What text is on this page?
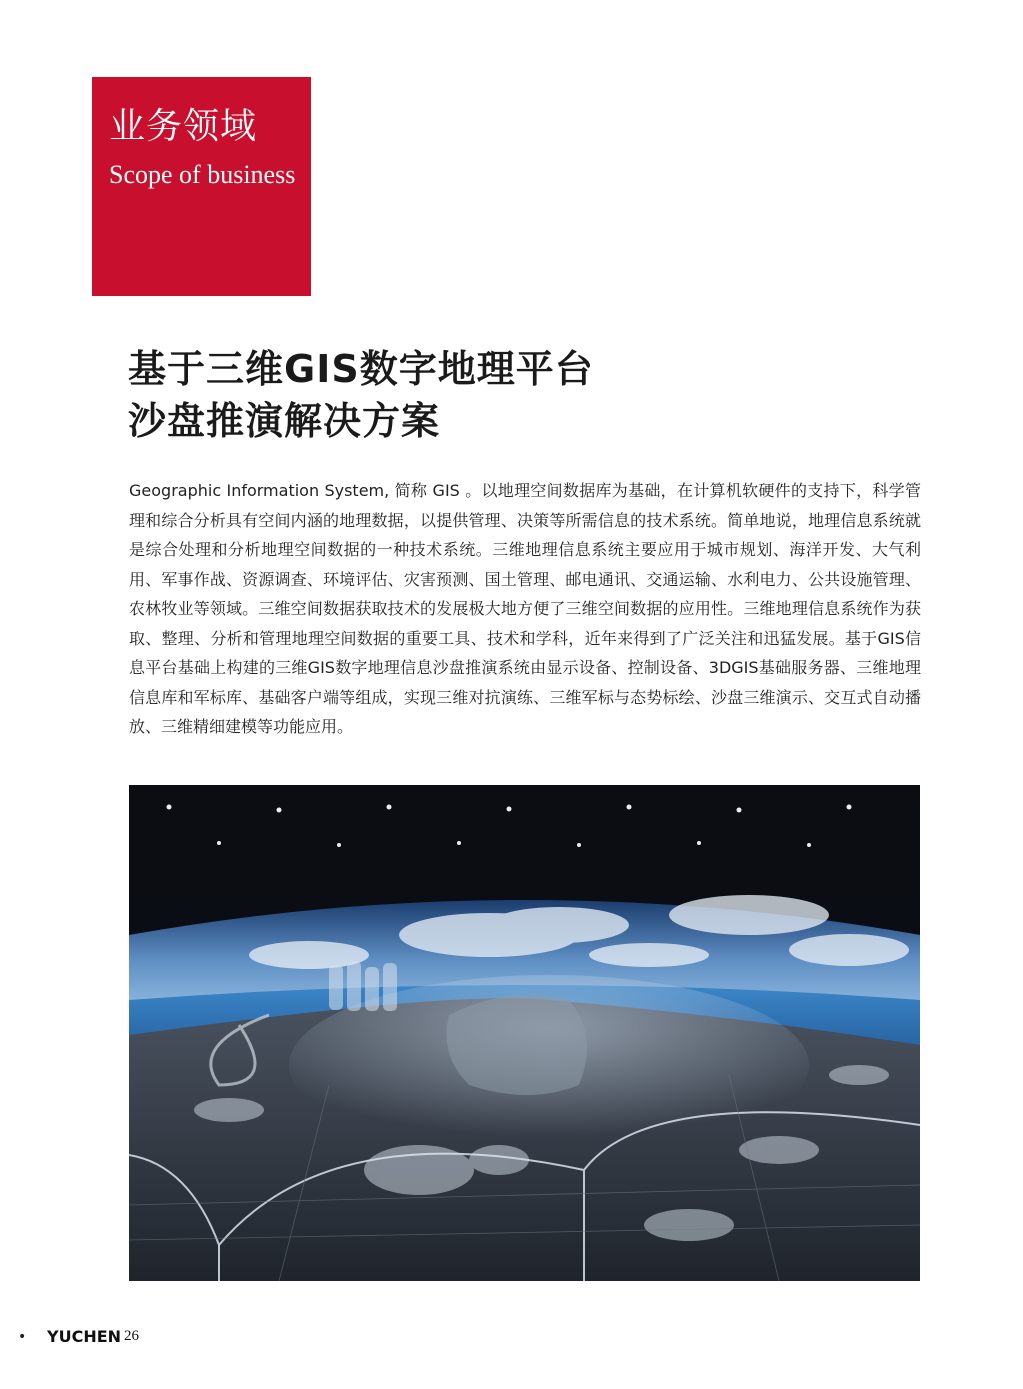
业务领域
Scope of business
基于三维GIS数字地理平台
沙盘推演解决方案
Geographic Information System, 简称 GIS 。以地理空间数据库为基础，在计算机软硬件的支持下，科学管理和综合分析具有空间内涵的地理数据，以提供管理、决策等所需信息的技术系统。简单地说，地理信息系统就是综合处理和分析地理空间数据的一种技术系统。三维地理信息系统主要应用于城市规划、海洋开发、大气利用、军事作战、资源调查、环境评估、灾害预测、国土管理、邮电通讯、交通运输、水利电力、公共设施管理、农林牧业等领域。三维空间数据获取技术的发展极大地方便了三维空间数据的应用性。三维地理信息系统作为获取、整理、分析和管理地理空间数据的重要工具、技术和学科，近年来得到了广泛关注和迅猛发展。基于GIS信息平台基础上构建的三维GIS数字地理信息沙盘推演系统由显示设备、控制设备、3DGIS基础服务器、三维地理信息库和军标库、基础客户端等组成，实现三维对抗演练、三维军标与态势标绘、沙盘三维演示、交互式自动播放、三维精细建模等功能应用。
• YUCHEN 26
